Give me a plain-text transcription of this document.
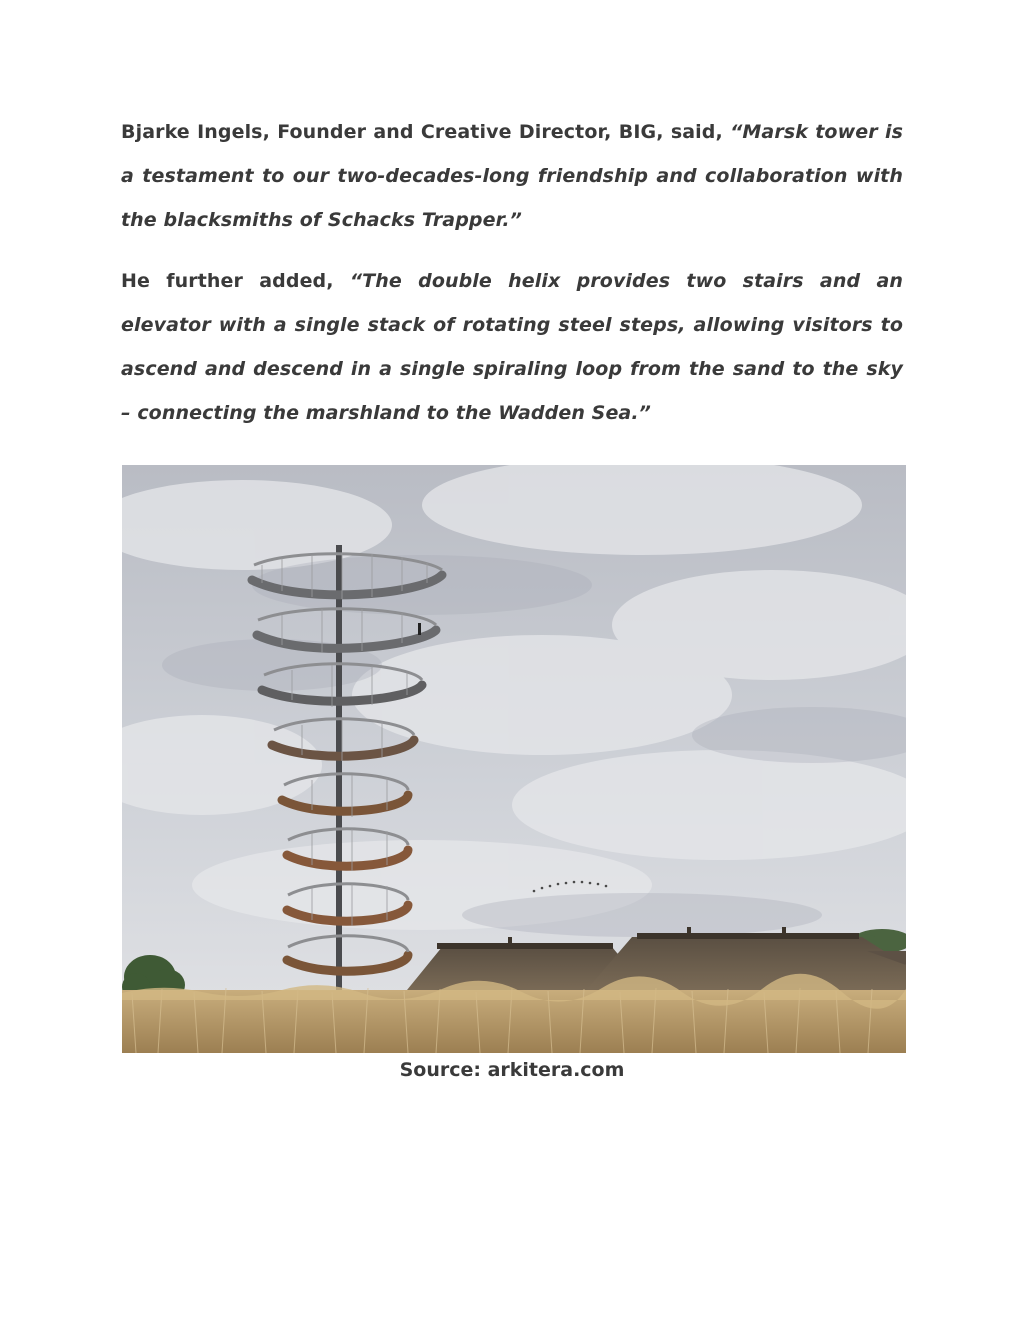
Bjarke Ingels, Founder and Creative Director, BIG, said, “Marsk tower is a testament to our two-decades-long friendship and collaboration with the blacksmiths of Schacks Trapper.”

He further added, “The double helix provides two stairs and an elevator with a single stack of rotating steel steps, allowing visitors to ascend and descend in a single spiraling loop from the sand to the sky – connecting the marshland to the Wadden Sea.”

Source: arkitera.com
